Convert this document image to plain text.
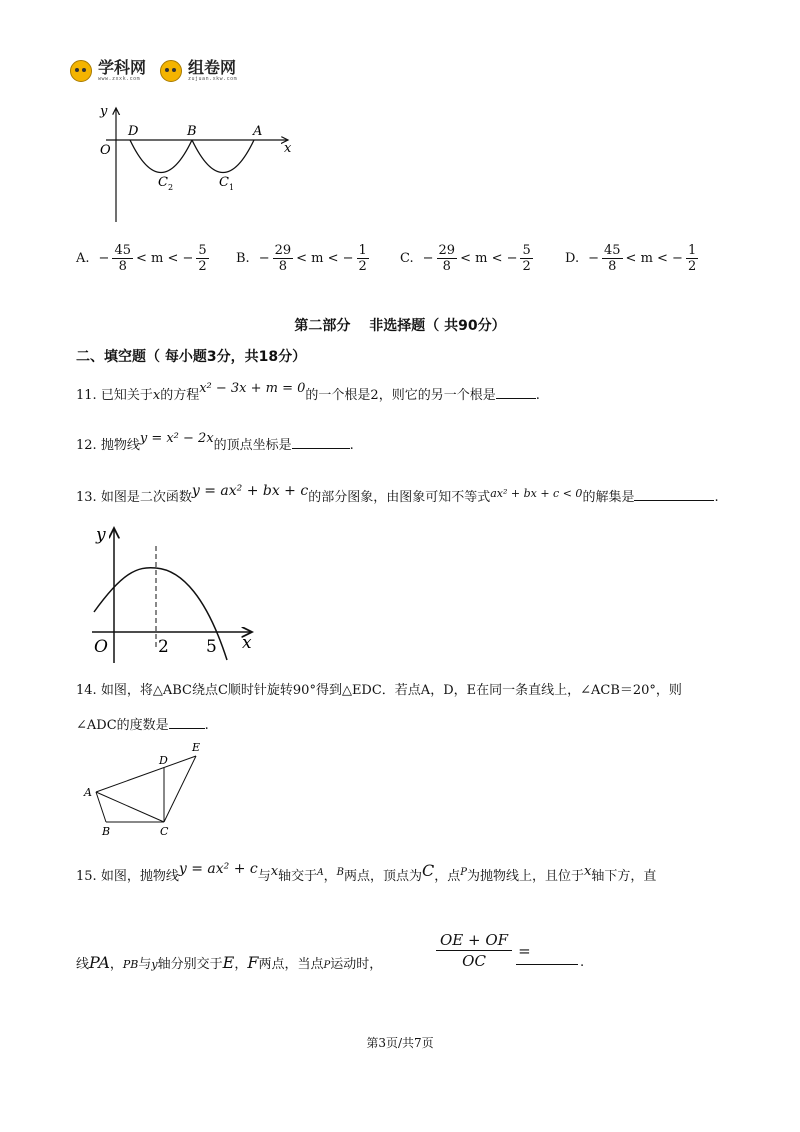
学科网
www.zxxk.com
组卷网
zujuan.xkw.com
y
x
O
D	B	A
C 2	C 1
A. − $\frac{45}{8} < m$ < − $\frac{5}{2} B$. − $\frac{29}{8} < m$ < − $\frac{1}{2} C$. − $\frac{29}{8} < m$ < − $\frac{5}{2} D$. − $\frac{45}{8} < m$ < − $\frac{1}{2}$
第二部分　 非选择题（ 共90分）
二、填空题（ 每小题3分，共18分）
11. 已知关于x的方程x² − 3x + m = 0的一个根是2，则它的另一个根是	.
12. 抛物线y = x² − 2x的顶点坐标是	.
13. 如图是二次函数y = ax² + bx + c的部分图象，由图象可知不等式$^{ax^2 + bx + c < 0}$的解集是	.
y
x
O	2 5
14. 如图，将△ABC绕点C顺时针旋转90°得到△EDC．若点A，D，E在同一条直线上，∠ACB＝20°，则
∠ADC的度数是	.
A
B	C
D
E
15. 如图，抛物线y = ax² + c与x轴交于$^A$，$^B$两点，顶点为C，点$^P$为抛物线上，且位于x轴下方，直
线PA，PB与y轴分别交于E，F两点，当点P运动时，	$\frac{OE + OF}{OC}$ =
.
第3页/共7页
